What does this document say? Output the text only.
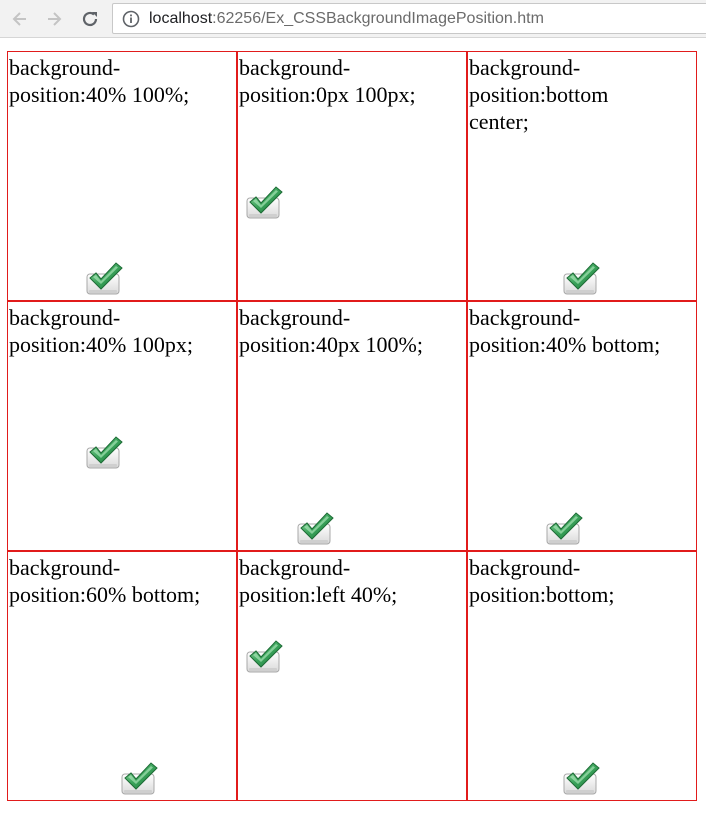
localhost:62256/Ex_CSSBackgroundImagePosition.htm
background-
position:40% 100%;
background-
position:0px 100px;
background-
position:bottom
center;
background-
position:40% 100px;
background-
position:40px 100%;
background-
position:40% bottom;
background-
position:60% bottom;
background-
position:left 40%;
background-
position:bottom;
